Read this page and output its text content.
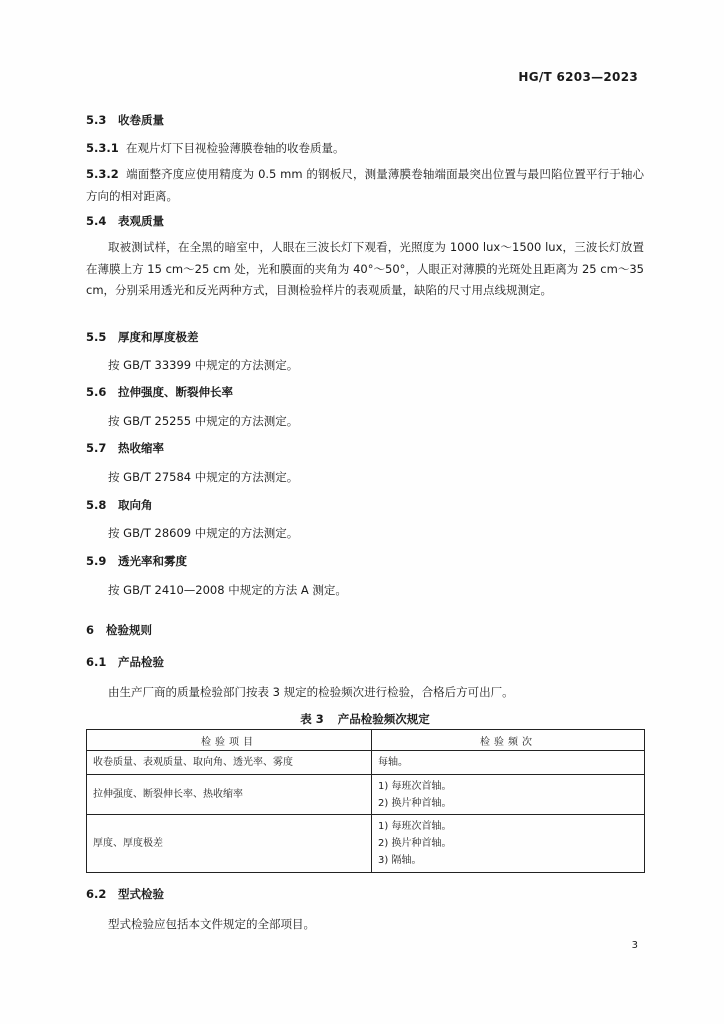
HG/T 6203—2023
5.3 收卷质量
5.3.1 在观片灯下目视检验薄膜卷轴的收卷质量。
5.3.2 端面整齐度应使用精度为 0.5 mm 的钢板尺，测量薄膜卷轴端面最突出位置与最凹陷位置平行于轴心方向的相对距离。
5.4 表观质量
取被测试样，在全黑的暗室中，人眼在三波长灯下观看，光照度为 1000 lux～1500 lux，三波长灯放置在薄膜上方 15 cm～25 cm 处，光和膜面的夹角为 40°～50°，人眼正对薄膜的光斑处且距离为 25 cm～35 cm，分别采用透光和反光两种方式，目测检验样片的表观质量，缺陷的尺寸用点线规测定。
5.5 厚度和厚度极差
按 GB/T 33399 中规定的方法测定。
5.6 拉伸强度、断裂伸长率
按 GB/T 25255 中规定的方法测定。
5.7 热收缩率
按 GB/T 27584 中规定的方法测定。
5.8 取向角
按 GB/T 28609 中规定的方法测定。
5.9 透光率和雾度
按 GB/T 2410—2008 中规定的方法 A 测定。
6 检验规则
6.1 产品检验
由生产厂商的质量检验部门按表 3 规定的检验频次进行检验，合格后方可出厂。
表 3 产品检验频次规定
检验项目	检验频次
收卷质量、表观质量、取向角、透光率、雾度	每轴。

拉伸强度、断裂伸长率、热收缩率	1) 每班次首轴。
2) 换片种首轴。

厚度、厚度极差	1) 每班次首轴。
2) 换片种首轴。
3) 隔轴。
6.2 型式检验
型式检验应包括本文件规定的全部项目。
3
